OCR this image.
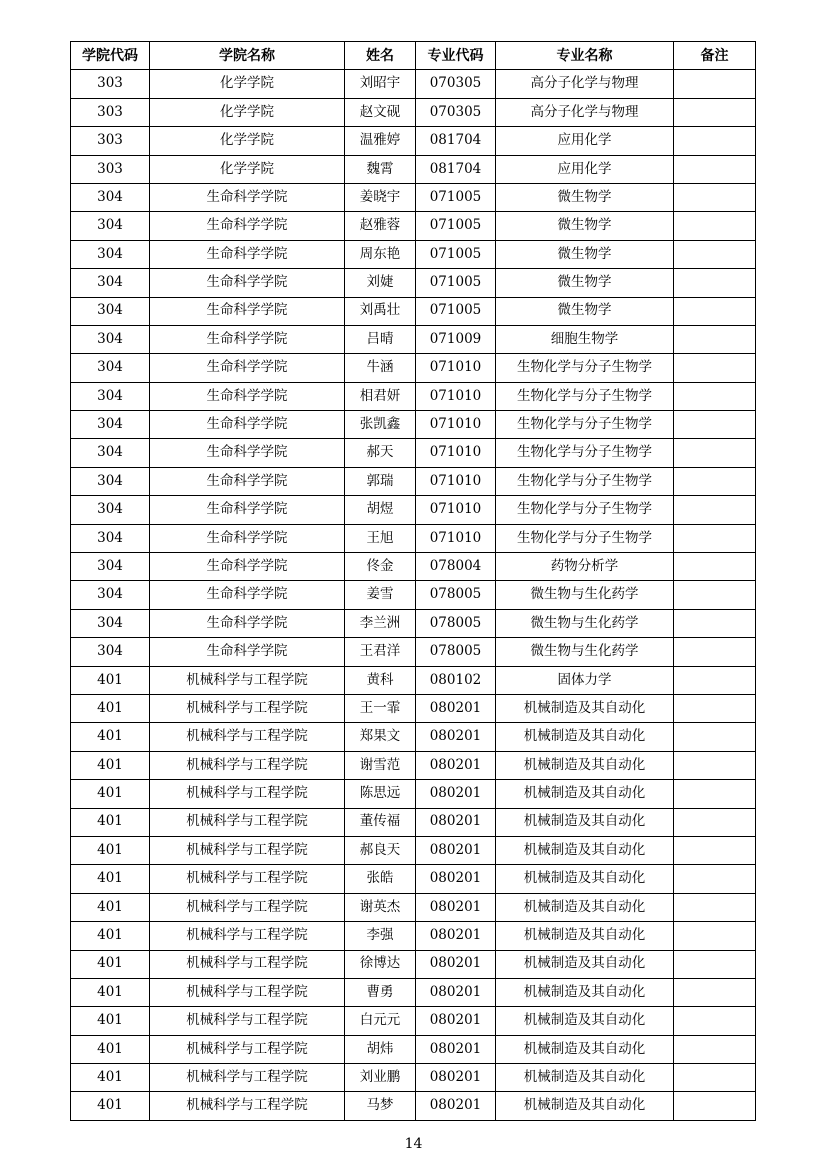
学院代码	学院名称	姓名	专业代码	专业名称	备注
303	化学学院	刘昭宇	070305	高分子化学与物理	
303	化学学院	赵文砚	070305	高分子化学与物理	
303	化学学院	温雅婷	081704	应用化学	
303	化学学院	魏霄	081704	应用化学	
304	生命科学学院	姜晓宇	071005	微生物学	
304	生命科学学院	赵雅蓉	071005	微生物学	
304	生命科学学院	周东艳	071005	微生物学	
304	生命科学学院	刘婕	071005	微生物学	
304	生命科学学院	刘禹壮	071005	微生物学	
304	生命科学学院	吕晴	071009	细胞生物学	
304	生命科学学院	牛涵	071010	生物化学与分子生物学	
304	生命科学学院	相君妍	071010	生物化学与分子生物学	
304	生命科学学院	张凯鑫	071010	生物化学与分子生物学	
304	生命科学学院	郝天	071010	生物化学与分子生物学	
304	生命科学学院	郭瑞	071010	生物化学与分子生物学	
304	生命科学学院	胡煜	071010	生物化学与分子生物学	
304	生命科学学院	王旭	071010	生物化学与分子生物学	
304	生命科学学院	佟金	078004	药物分析学	
304	生命科学学院	姜雪	078005	微生物与生化药学	
304	生命科学学院	李兰洲	078005	微生物与生化药学	
304	生命科学学院	王君洋	078005	微生物与生化药学	
401	机械科学与工程学院	黄科	080102	固体力学	
401	机械科学与工程学院	王一霏	080201	机械制造及其自动化	
401	机械科学与工程学院	郑果文	080201	机械制造及其自动化	
401	机械科学与工程学院	谢雪范	080201	机械制造及其自动化	
401	机械科学与工程学院	陈思远	080201	机械制造及其自动化	
401	机械科学与工程学院	董传福	080201	机械制造及其自动化	
401	机械科学与工程学院	郝良天	080201	机械制造及其自动化	
401	机械科学与工程学院	张皓	080201	机械制造及其自动化	
401	机械科学与工程学院	谢英杰	080201	机械制造及其自动化	
401	机械科学与工程学院	李强	080201	机械制造及其自动化	
401	机械科学与工程学院	徐博达	080201	机械制造及其自动化	
401	机械科学与工程学院	曹勇	080201	机械制造及其自动化	
401	机械科学与工程学院	白元元	080201	机械制造及其自动化	
401	机械科学与工程学院	胡炜	080201	机械制造及其自动化	
401	机械科学与工程学院	刘业鹏	080201	机械制造及其自动化	
401	机械科学与工程学院	马梦	080201	机械制造及其自动化	
14
